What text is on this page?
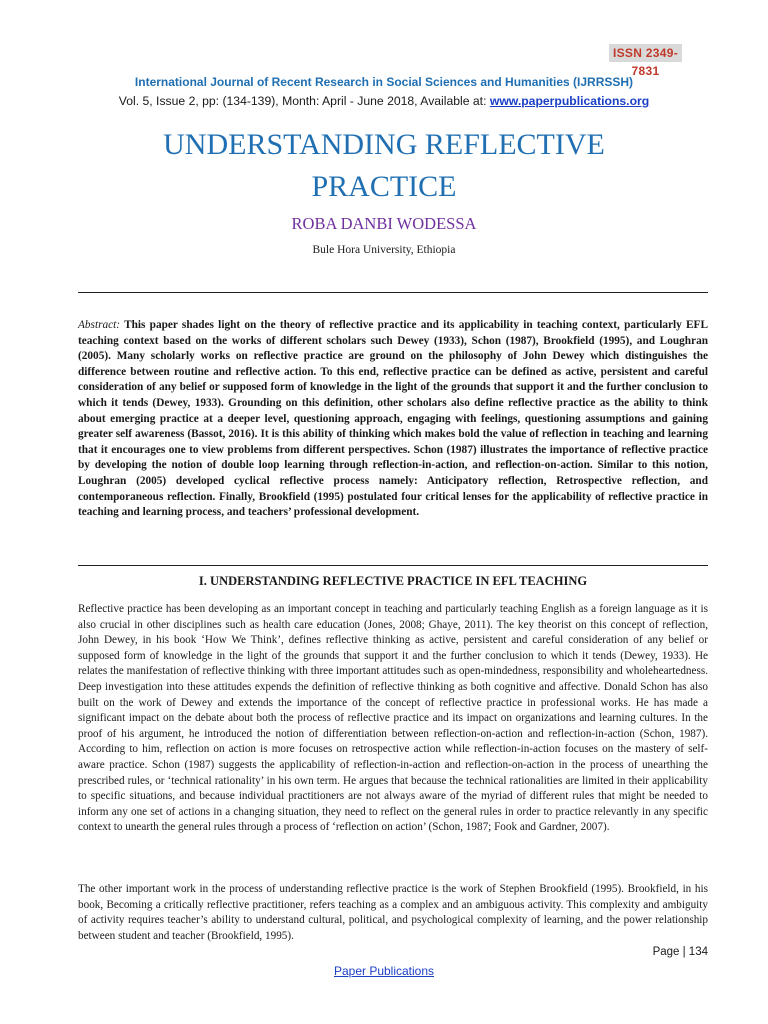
ISSN 2349-7831
International Journal of Recent Research in Social Sciences and Humanities (IJRRSSH)
Vol. 5, Issue 2, pp: (134-139), Month: April - June 2018, Available at: www.paperpublications.org
UNDERSTANDING REFLECTIVE
PRACTICE
ROBA DANBI WODESSA
Bule Hora University, Ethiopia
Abstract: This paper shades light on the theory of reflective practice and its applicability in teaching context, particularly EFL teaching context based on the works of different scholars such Dewey (1933), Schon (1987), Brookfield (1995), and Loughran (2005). Many scholarly works on reflective practice are ground on the philosophy of John Dewey which distinguishes the difference between routine and reflective action. To this end, reflective practice can be defined as active, persistent and careful consideration of any belief or supposed form of knowledge in the light of the grounds that support it and the further conclusion to which it tends (Dewey, 1933). Grounding on this definition, other scholars also define reflective practice as the ability to think about emerging practice at a deeper level, questioning approach, engaging with feelings, questioning assumptions and gaining greater self awareness (Bassot, 2016). It is this ability of thinking which makes bold the value of reflection in teaching and learning that it encourages one to view problems from different perspectives. Schon (1987) illustrates the importance of reflective practice by developing the notion of double loop learning through reflection-in-action, and reflection-on-action. Similar to this notion, Loughran (2005) developed cyclical reflective process namely: Anticipatory reflection, Retrospective reflection, and contemporaneous reflection. Finally, Brookfield (1995) postulated four critical lenses for the applicability of reflective practice in teaching and learning process, and teachers’ professional development.
I. UNDERSTANDING REFLECTIVE PRACTICE IN EFL TEACHING
Reflective practice has been developing as an important concept in teaching and particularly teaching English as a foreign language as it is also crucial in other disciplines such as health care education (Jones, 2008; Ghaye, 2011). The key theorist on this concept of reflection, John Dewey, in his book ‘How We Think’, defines reflective thinking as active, persistent and careful consideration of any belief or supposed form of knowledge in the light of the grounds that support it and the further conclusion to which it tends (Dewey, 1933). He relates the manifestation of reflective thinking with three important attitudes such as open-mindedness, responsibility and wholeheartedness. Deep investigation into these attitudes expends the definition of reflective thinking as both cognitive and affective. Donald Schon has also built on the work of Dewey and extends the importance of the concept of reflective practice in professional works. He has made a significant impact on the debate about both the process of reflective practice and its impact on organizations and learning cultures. In the proof of his argument, he introduced the notion of differentiation between reflection-on-action and reflection-in-action (Schon, 1987). According to him, reflection on action is more focuses on retrospective action while reflection-in-action focuses on the mastery of self-aware practice. Schon (1987) suggests the applicability of reflection-in-action and reflection-on-action in the process of unearthing the prescribed rules, or ‘technical rationality’ in his own term. He argues that because the technical rationalities are limited in their applicability to specific situations, and because individual practitioners are not always aware of the myriad of different rules that might be needed to inform any one set of actions in a changing situation, they need to reflect on the general rules in order to practice relevantly in any specific context to unearth the general rules through a process of ‘reflection on action’ (Schon, 1987; Fook and Gardner, 2007).
The other important work in the process of understanding reflective practice is the work of Stephen Brookfield (1995). Brookfield, in his book, Becoming a critically reflective practitioner, refers teaching as a complex and an ambiguous activity. This complexity and ambiguity of activity requires teacher’s ability to understand cultural, political, and psychological complexity of learning, and the power relationship between student and teacher (Brookfield, 1995).
Page | 134
Paper Publications
